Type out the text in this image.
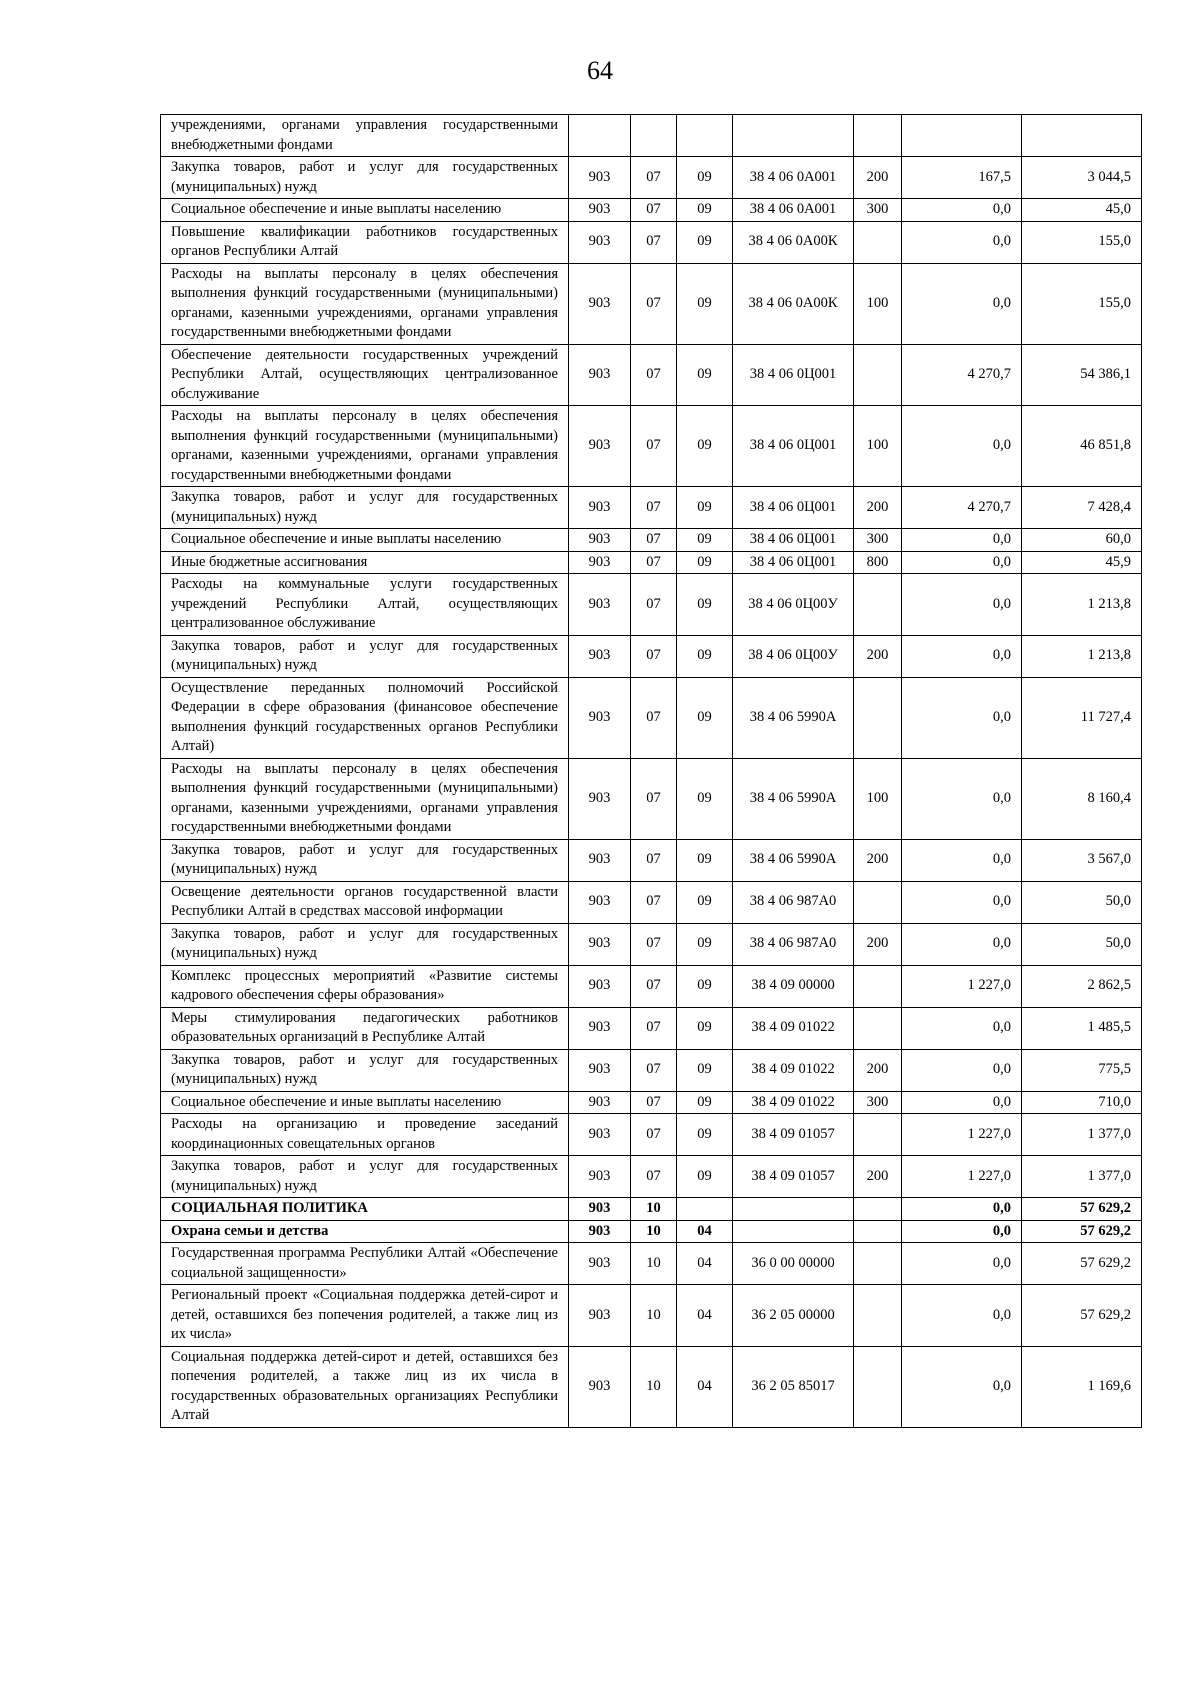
64
учреждениями, органами управления государственными внебюджетными фондами							
Закупка товаров, работ и услуг для государственных (муниципальных) нужд	903	07	09	38 4 06 0А001	200	167,5	3 044,5
Социальное обеспечение и иные выплаты населению	903	07	09	38 4 06 0А001	300	0,0	45,0
Повышение квалификации работников государственных органов Республики Алтай	903	07	09	38 4 06 0А00К		0,0	155,0
Расходы на выплаты персоналу в целях обеспечения выполнения функций государственными (муниципальными) органами, казенными учреждениями, органами управления государственными внебюджетными фондами	903	07	09	38 4 06 0А00К	100	0,0	155,0
Обеспечение деятельности государственных учреждений Республики Алтай, осуществляющих централизованное обслуживание	903	07	09	38 4 06 0Ц001		4 270,7	54 386,1
Расходы на выплаты персоналу в целях обеспечения выполнения функций государственными (муниципальными) органами, казенными учреждениями, органами управления государственными внебюджетными фондами	903	07	09	38 4 06 0Ц001	100	0,0	46 851,8
Закупка товаров, работ и услуг для государственных (муниципальных) нужд	903	07	09	38 4 06 0Ц001	200	4 270,7	7 428,4
Социальное обеспечение и иные выплаты населению	903	07	09	38 4 06 0Ц001	300	0,0	60,0
Иные бюджетные ассигнования	903	07	09	38 4 06 0Ц001	800	0,0	45,9
Расходы на коммунальные услуги государственных учреждений Республики Алтай, осуществляющих централизованное обслуживание	903	07	09	38 4 06 0Ц00У		0,0	1 213,8
Закупка товаров, работ и услуг для государственных (муниципальных) нужд	903	07	09	38 4 06 0Ц00У	200	0,0	1 213,8
Осуществление переданных полномочий Российской Федерации в сфере образования (финансовое обеспечение выполнения функций государственных органов Республики Алтай)	903	07	09	38 4 06 5990А		0,0	11 727,4
Расходы на выплаты персоналу в целях обеспечения выполнения функций государственными (муниципальными) органами, казенными учреждениями, органами управления государственными внебюджетными фондами	903	07	09	38 4 06 5990А	100	0,0	8 160,4
Закупка товаров, работ и услуг для государственных (муниципальных) нужд	903	07	09	38 4 06 5990А	200	0,0	3 567,0
Освещение деятельности органов государственной власти Республики Алтай в средствах массовой информации	903	07	09	38 4 06 987А0		0,0	50,0
Закупка товаров, работ и услуг для государственных (муниципальных) нужд	903	07	09	38 4 06 987А0	200	0,0	50,0
Комплекс процессных мероприятий «Развитие системы кадрового обеспечения сферы образования»	903	07	09	38 4 09 00000		1 227,0	2 862,5
Меры стимулирования педагогических работников образовательных организаций в Республике Алтай	903	07	09	38 4 09 01022		0,0	1 485,5
Закупка товаров, работ и услуг для государственных (муниципальных) нужд	903	07	09	38 4 09 01022	200	0,0	775,5
Социальное обеспечение и иные выплаты населению	903	07	09	38 4 09 01022	300	0,0	710,0
Расходы на организацию и проведение заседаний координационных совещательных органов	903	07	09	38 4 09 01057		1 227,0	1 377,0
Закупка товаров, работ и услуг для государственных (муниципальных) нужд	903	07	09	38 4 09 01057	200	1 227,0	1 377,0
СОЦИАЛЬНАЯ ПОЛИТИКА	903	10				0,0	57 629,2
Охрана семьи и детства	903	10	04			0,0	57 629,2
Государственная программа Республики Алтай «Обеспечение социальной защищенности»	903	10	04	36 0 00 00000		0,0	57 629,2
Региональный проект «Социальная поддержка детей-сирот и детей, оставшихся без попечения родителей, а также лиц из их числа»	903	10	04	36 2 05 00000		0,0	57 629,2
Социальная поддержка детей-сирот и детей, оставшихся без попечения родителей, а также лиц из их числа в государственных образовательных организациях Республики Алтай	903	10	04	36 2 05 85017		0,0	1 169,6
